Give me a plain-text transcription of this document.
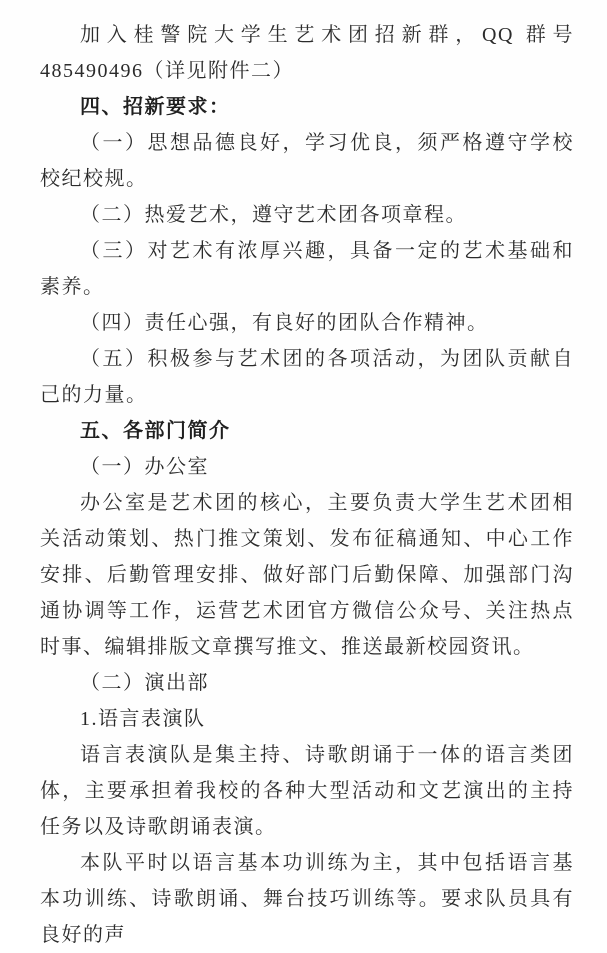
加入桂警院大学生艺术团招新群，QQ 群号 485490496（详见附件二）

四、招新要求：

（一）思想品德良好，学习优良，须严格遵守学校校纪校规。

（二）热爱艺术，遵守艺术团各项章程。

（三）对艺术有浓厚兴趣，具备一定的艺术基础和素养。

（四）责任心强，有良好的团队合作精神。

（五）积极参与艺术团的各项活动，为团队贡献自己的力量。

五、各部门简介

（一）办公室

办公室是艺术团的核心，主要负责大学生艺术团相关活动策划、热门推文策划、发布征稿通知、中心工作安排、后勤管理安排、做好部门后勤保障、加强部门沟通协调等工作，运营艺术团官方微信公众号、关注热点时事、编辑排版文章撰写推文、推送最新校园资讯。

（二）演出部

1.语言表演队

语言表演队是集主持、诗歌朗诵于一体的语言类团体，主要承担着我校的各种大型活动和文艺演出的主持任务以及诗歌朗诵表演。

本队平时以语言基本功训练为主，其中包括语言基本功训练、诗歌朗诵、舞台技巧训练等。要求队员具有良好的声
